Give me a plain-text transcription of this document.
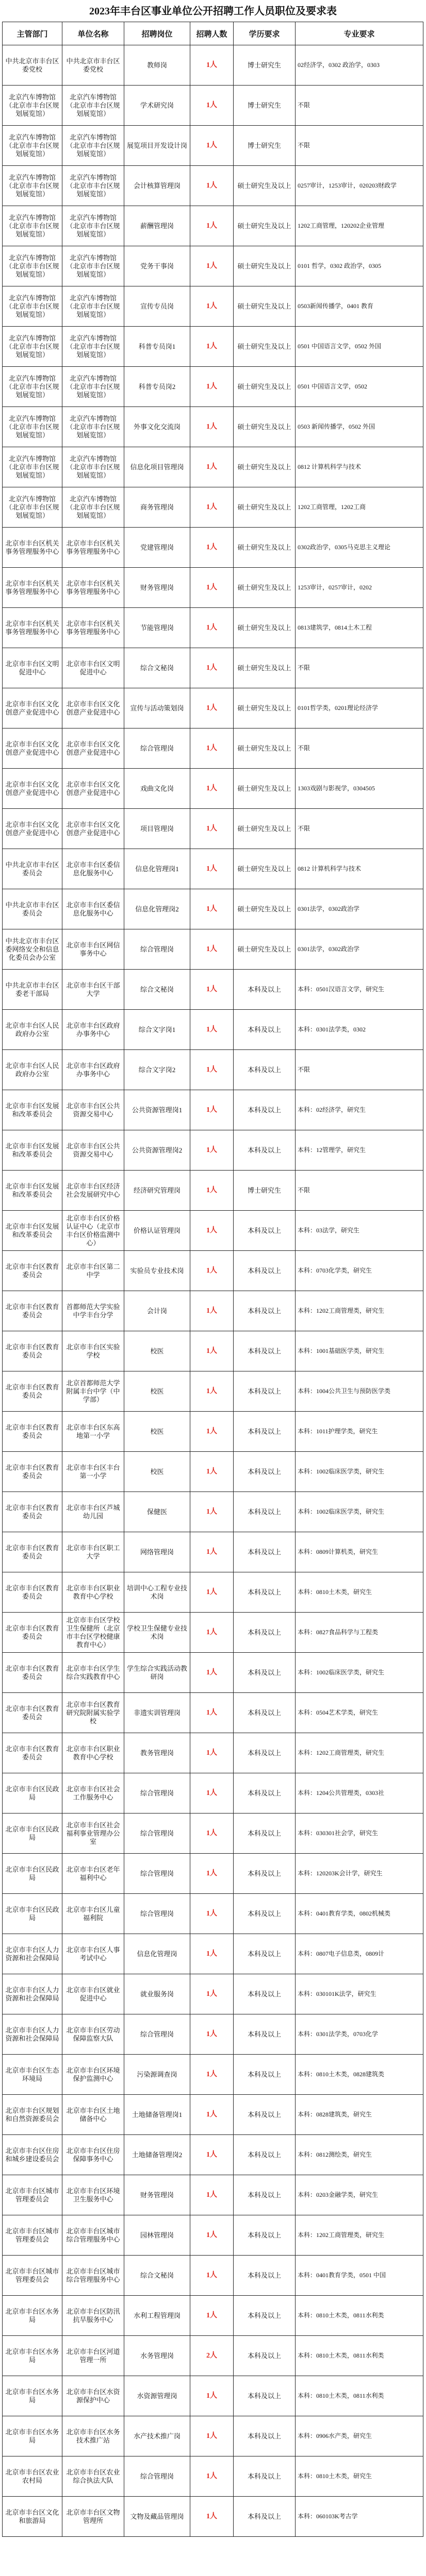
2023年丰台区事业单位公开招聘工作人员职位及要求表
主管部门	单位名称	招聘岗位	招聘人数	学历要求	专业要求
中共北京市丰台区委党校	中共北京市丰台区委党校	教师岗	1人	博士研究生	02经济学，0302 政治学，0303
北京汽车博物馆（北京市丰台区规划展览馆）	北京汽车博物馆（北京市丰台区规划展览馆）	学术研究岗	1人	博士研究生	不限
北京汽车博物馆（北京市丰台区规划展览馆）	北京汽车博物馆（北京市丰台区规划展览馆）	展览项目开发设计岗	1人	博士研究生	不限
北京汽车博物馆（北京市丰台区规划展览馆）	北京汽车博物馆（北京市丰台区规划展览馆）	会计核算管理岗	1人	硕士研究生及以上	0257审计，1253审计，020203财政学
北京汽车博物馆（北京市丰台区规划展览馆）	北京汽车博物馆（北京市丰台区规划展览馆）	薪酬管理岗	1人	硕士研究生及以上	1202工商管理，120202企业管理
北京汽车博物馆（北京市丰台区规划展览馆）	北京汽车博物馆（北京市丰台区规划展览馆）	党务干事岗	1人	硕士研究生及以上	0101 哲学，0302 政治学，0305
北京汽车博物馆（北京市丰台区规划展览馆）	北京汽车博物馆（北京市丰台区规划展览馆）	宣传专员岗	1人	硕士研究生及以上	0503新闻传播学，0401 教育
北京汽车博物馆（北京市丰台区规划展览馆）	北京汽车博物馆（北京市丰台区规划展览馆）	科普专员岗1	1人	硕士研究生及以上	0501 中国语言文学，0502 外国
北京汽车博物馆（北京市丰台区规划展览馆）	北京汽车博物馆（北京市丰台区规划展览馆）	科普专员岗2	1人	硕士研究生及以上	0501 中国语言文学，0502
北京汽车博物馆（北京市丰台区规划展览馆）	北京汽车博物馆（北京市丰台区规划展览馆）	外事文化交流岗	1人	硕士研究生及以上	0503 新闻传播学，0502 外国
北京汽车博物馆（北京市丰台区规划展览馆）	北京汽车博物馆（北京市丰台区规划展览馆）	信息化项目管理岗	1人	硕士研究生及以上	0812 计算机科学与技术
北京汽车博物馆（北京市丰台区规划展览馆）	北京汽车博物馆（北京市丰台区规划展览馆）	商务管理岗	1人	硕士研究生及以上	1202工商管理，1202工商
北京市丰台区机关事务管理服务中心	北京市丰台区机关事务管理服务中心	党建管理岗	1人	硕士研究生及以上	0302政治学，0305马克思主义理论
北京市丰台区机关事务管理服务中心	北京市丰台区机关事务管理服务中心	财务管理岗	1人	硕士研究生及以上	1253审计，0257审计，0202
北京市丰台区机关事务管理服务中心	北京市丰台区机关事务管理服务中心	节能管理岗	1人	硕士研究生及以上	0813建筑学，0814土木工程
北京市丰台区文明促进中心	北京市丰台区文明促进中心	综合文秘岗	1人	硕士研究生及以上	不限
北京市丰台区文化创意产业促进中心	北京市丰台区文化创意产业促进中心	宣传与活动策划岗	1人	硕士研究生及以上	0101哲学类，0201理论经济学
北京市丰台区文化创意产业促进中心	北京市丰台区文化创意产业促进中心	综合管理岗	1人	硕士研究生及以上	不限
北京市丰台区文化创意产业促进中心	北京市丰台区文化创意产业促进中心	戏曲文化岗	1人	硕士研究生及以上	1303戏剧与影视学，0304505
北京市丰台区文化创意产业促进中心	北京市丰台区文化创意产业促进中心	项目管理岗	1人	硕士研究生及以上	不限
中共北京市丰台区委员会	北京市丰台区委信息化服务中心	信息化管理岗1	1人	硕士研究生及以上	0812 计算机科学与技术
中共北京市丰台区委员会	北京市丰台区委信息化服务中心	信息化管理岗2	1人	硕士研究生及以上	0301法学，0302政治学
中共北京市丰台区委网络安全和信息化委员会办公室	北京市丰台区网信事务中心	综合管理岗	1人	硕士研究生及以上	0301法学，0302政治学
中共北京市丰台区委老干部局	北京市丰台区干部大学	综合文秘岗	1人	本科及以上	本科：0501汉语言文学，研究生
北京市丰台区人民政府办公室	北京市丰台区政府办事务中心	综合文字岗1	1人	本科及以上	本科：0301法学类，0302
北京市丰台区人民政府办公室	北京市丰台区政府办事务中心	综合文字岗2	1人	本科及以上	不限
北京市丰台区发展和改革委员会	北京市丰台区公共资源交易中心	公共资源管理岗1	1人	本科及以上	本科：02经济学，研究生
北京市丰台区发展和改革委员会	北京市丰台区公共资源交易中心	公共资源管理岗2	1人	本科及以上	本科：12管理学，研究生
北京市丰台区发展和改革委员会	北京市丰台区经济社会发展研究中心	经济研究管理岗	1人	博士研究生	不限
北京市丰台区发展和改革委员会	北京市丰台区价格认证中心（北京市丰台区价格监测中心）	价格认证管理岗	1人	本科及以上	本科：03法学，研究生
北京市丰台区教育委员会	北京市丰台区第二中学	实验员专业技术岗	1人	本科及以上	本科：0703化学类，研究生
北京市丰台区教育委员会	首都师范大学实验中学丰台分学	会计岗	1人	本科及以上	本科：1202工商管理类，研究生
北京市丰台区教育委员会	北京市丰台区实验学校	校医	1人	本科及以上	本科：1001基础医学类，研究生
北京市丰台区教育委员会	北京首都师范大学附属丰台中学（中学部）	校医	1人	本科及以上	本科：1004公共卫生与预防医学类
北京市丰台区教育委员会	北京市丰台区东高地第一小学	校医	1人	本科及以上	本科：1011护理学类，研究生
北京市丰台区教育委员会	北京市丰台区丰台第一小学	校医	1人	本科及以上	本科：1002临床医学类，研究生
北京市丰台区教育委员会	北京市丰台区芦城幼儿园	保健医	1人	本科及以上	本科：1002临床医学类，研究生
北京市丰台区教育委员会	北京市丰台区职工大学	网络管理岗	1人	本科及以上	本科：0809计算机类，研究生
北京市丰台区教育委员会	北京市丰台区职业教育中心学校	培训中心工程专业技术岗	1人	本科及以上	本科：0810土木类，研究生
北京市丰台区教育委员会	北京市丰台区学校卫生保健所（北京市丰台区学校健康教育中心）	学校卫生保健专业技术岗	1人	本科及以上	本科：0827食品科学与工程类
北京市丰台区教育委员会	北京市丰台区学生综合实践教育中心	学生综合实践活动教研岗	1人	本科及以上	本科：1002临床医学类，研究生
北京市丰台区教育委员会	北京市丰台区教育研究院附属实验学校	非遗实训管理岗	1人	本科及以上	本科：0504艺术学类，研究生
北京市丰台区教育委员会	北京市丰台区职业教育中心学校	教务管理岗	1人	本科及以上	本科：1202工商管理类，研究生
北京市丰台区民政局	北京市丰台区社会工作服务中心	综合管理岗	1人	本科及以上	本科：1204公共管理类，0303社
北京市丰台区民政局	北京市丰台区社会福利事业管理办公室	综合管理岗	1人	本科及以上	本科：030301社会学，研究生
北京市丰台区民政局	北京市丰台区老年福利中心	综合管理岗	1人	本科及以上	本科：120203K会计学，研究生
北京市丰台区民政局	北京市丰台区儿童福利院	综合管理岗	1人	本科及以上	本科：0401教育学类，0802机械类
北京市丰台区人力资源和社会保障局	北京市丰台区人事考试中心	信息化管理岗	1人	本科及以上	本科：0807电子信息类，0809计
北京市丰台区人力资源和社会保障局	北京市丰台区就业促进中心	就业服务岗	1人	本科及以上	本科：030101K法学，研究生
北京市丰台区人力资源和社会保障局	北京市丰台区劳动保障监察大队	综合管理岗	1人	本科及以上	本科：0301法学类，0703化学
北京市丰台区生态环境局	北京市丰台区环境保护监测中心	污染源调查岗	1人	本科及以上	本科：0810土木类，0828建筑类
北京市丰台区规划和自然资源委员会	北京市丰台区土地储备中心	土地储备管理岗1	1人	本科及以上	本科：0828建筑类，研究生
北京市丰台区住房和城乡建设委员会	北京市丰台区住房保障事务中心	土地储备管理岗2	1人	本科及以上	本科：0812测绘类，研究生
北京市丰台区城市管理委员会	北京市丰台区环境卫生服务中心	财务管理岗	1人	本科及以上	本科：0203金融学类，研究生
北京市丰台区城市管理委员会	北京市丰台区城市综合管理服务中心	园林管理岗	1人	本科及以上	本科：1202工商管理类，研究生
北京市丰台区城市管理委员会	北京市丰台区城市综合管理服务中心	综合文秘岗	1人	本科及以上	本科：0401教育学类，0501 中国
北京市丰台区水务局	北京市丰台区防汛抗旱服务中心	水利工程管理岗	1人	本科及以上	本科：0810土木类，0811水利类
北京市丰台区水务局	北京市丰台区河道管理一所	水务管理岗	2人	本科及以上	本科：0810土木类，0811水利类
北京市丰台区水务局	北京市丰台区水资源保护中心	水资源管理岗	1人	本科及以上	本科：0810土木类，0811水利类
北京市丰台区水务局	北京市丰台区水务技术推广站	水产技术推广岗	1人	本科及以上	本科：0906水产类，研究生
北京市丰台区农业农村局	北京市丰台区农业综合执法大队	综合管理岗	1人	本科及以上	本科：0810土木类，研究生
北京市丰台区文化和旅游局	北京市丰台区文物管理所	文物及藏品管理岗	1人	本科及以上	本科：060103K考古学
